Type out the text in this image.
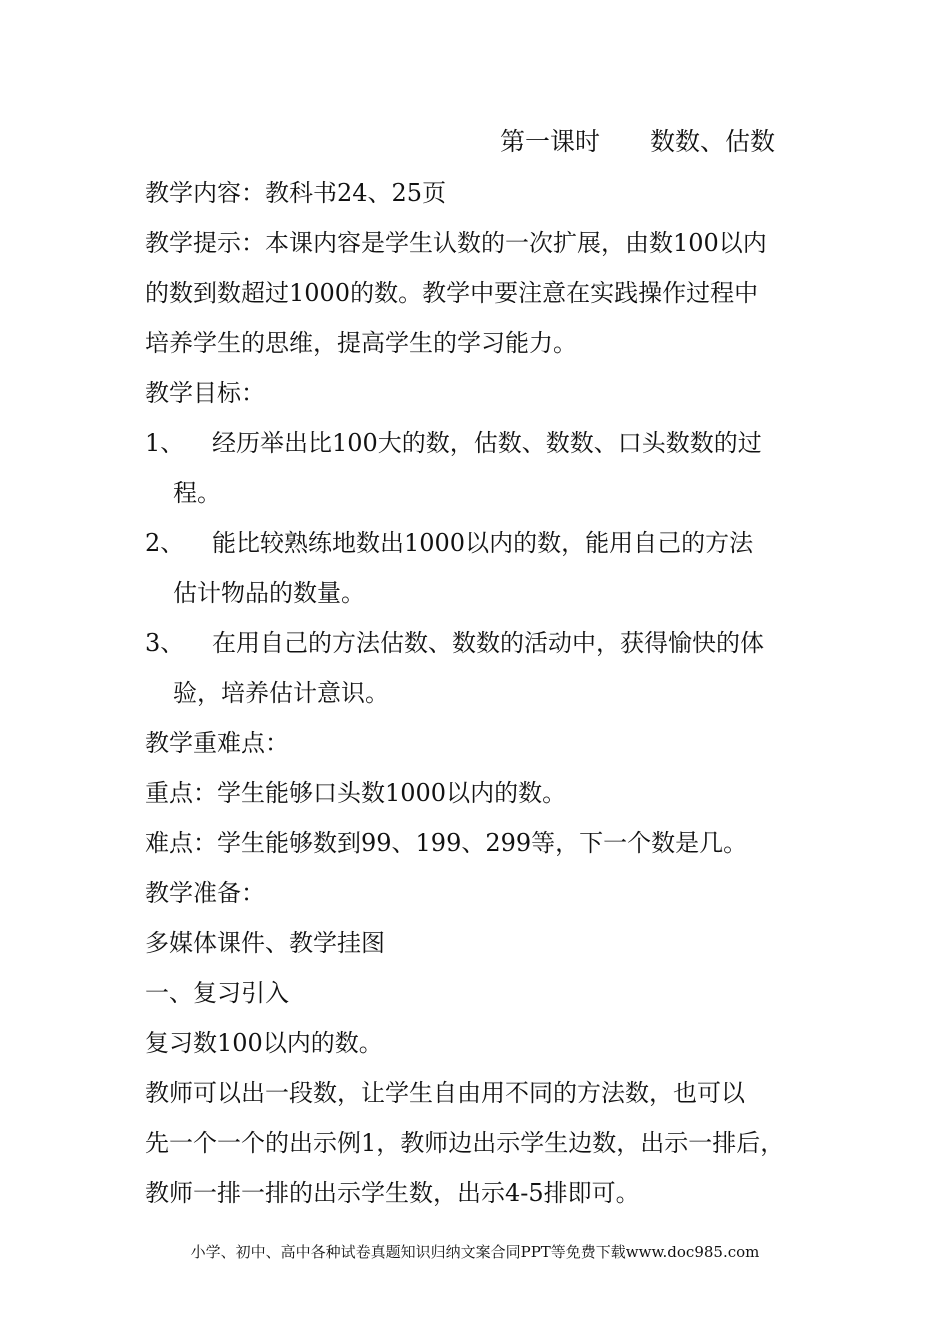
第一课时　　数数、估数
教学内容：教科书24、25页
教学提示：本课内容是学生认数的一次扩展，由数100以内
的数到数超过1000的数。教学中要注意在实践操作过程中
培养学生的思维，提高学生的学习能力。
教学目标：
1、 经历举出比100大的数，估数、数数、口头数数的过
程。
2、 能比较熟练地数出1000以内的数，能用自己的方法
估计物品的数量。
3、 在用自己的方法估数、数数的活动中，获得愉快的体
验，培养估计意识。
教学重难点：
重点：学生能够口头数1000以内的数。
难点：学生能够数到99、199、299等，下一个数是几。
教学准备：
多媒体课件、教学挂图
一、复习引入
复习数100以内的数。
教师可以出一段数，让学生自由用不同的方法数，也可以
先一个一个的出示例1，教师边出示学生边数，出示一排后，
教师一排一排的出示学生数，出示4-5排即可。
小学、初中、高中各种试卷真题知识归纳文案合同PPT等免费下载www.doc985.com
